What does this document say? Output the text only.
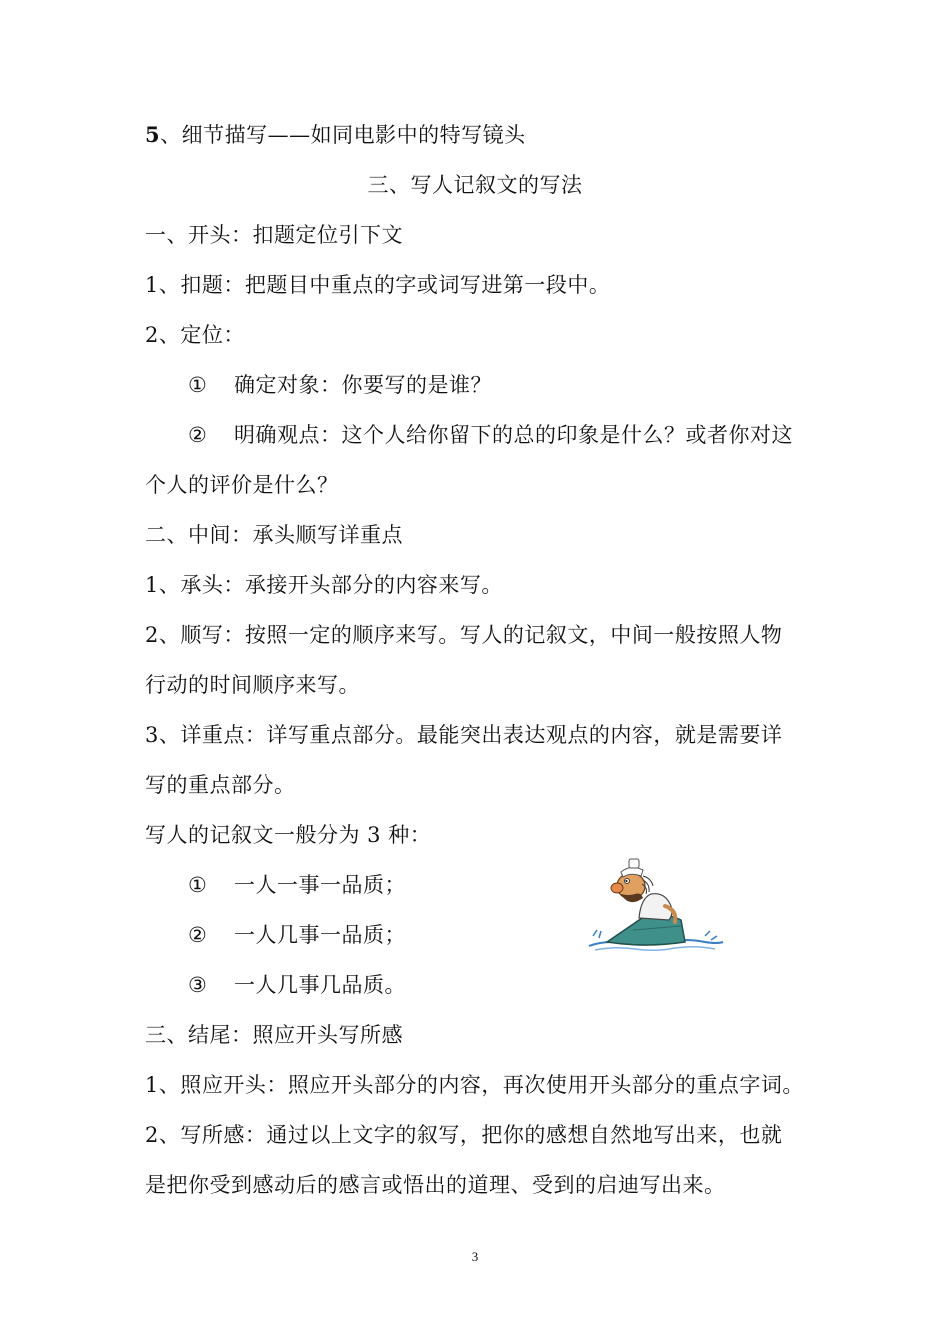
5、细节描写——如同电影中的特写镜头
三、写人记叙文的写法
一、开头：扣题定位引下文
1、扣题：把题目中重点的字或词写进第一段中。
2、定位：
① 确定对象：你要写的是谁？
② 明确观点：这个人给你留下的总的印象是什么？或者你对这
个人的评价是什么？
二、中间：承头顺写详重点
1、承头：承接开头部分的内容来写。
2、顺写：按照一定的顺序来写。写人的记叙文，中间一般按照人物
行动的时间顺序来写。
3、详重点：详写重点部分。最能突出表达观点的内容，就是需要详
写的重点部分。
写人的记叙文一般分为 3 种：
① 一人一事一品质；
② 一人几事一品质；
③ 一人几事几品质。
三、结尾：照应开头写所感
1、照应开头：照应开头部分的内容，再次使用开头部分的重点字词。
2、写所感：通过以上文字的叙写，把你的感想自然地写出来，也就
是把你受到感动后的感言或悟出的道理、受到的启迪写出来。
3
